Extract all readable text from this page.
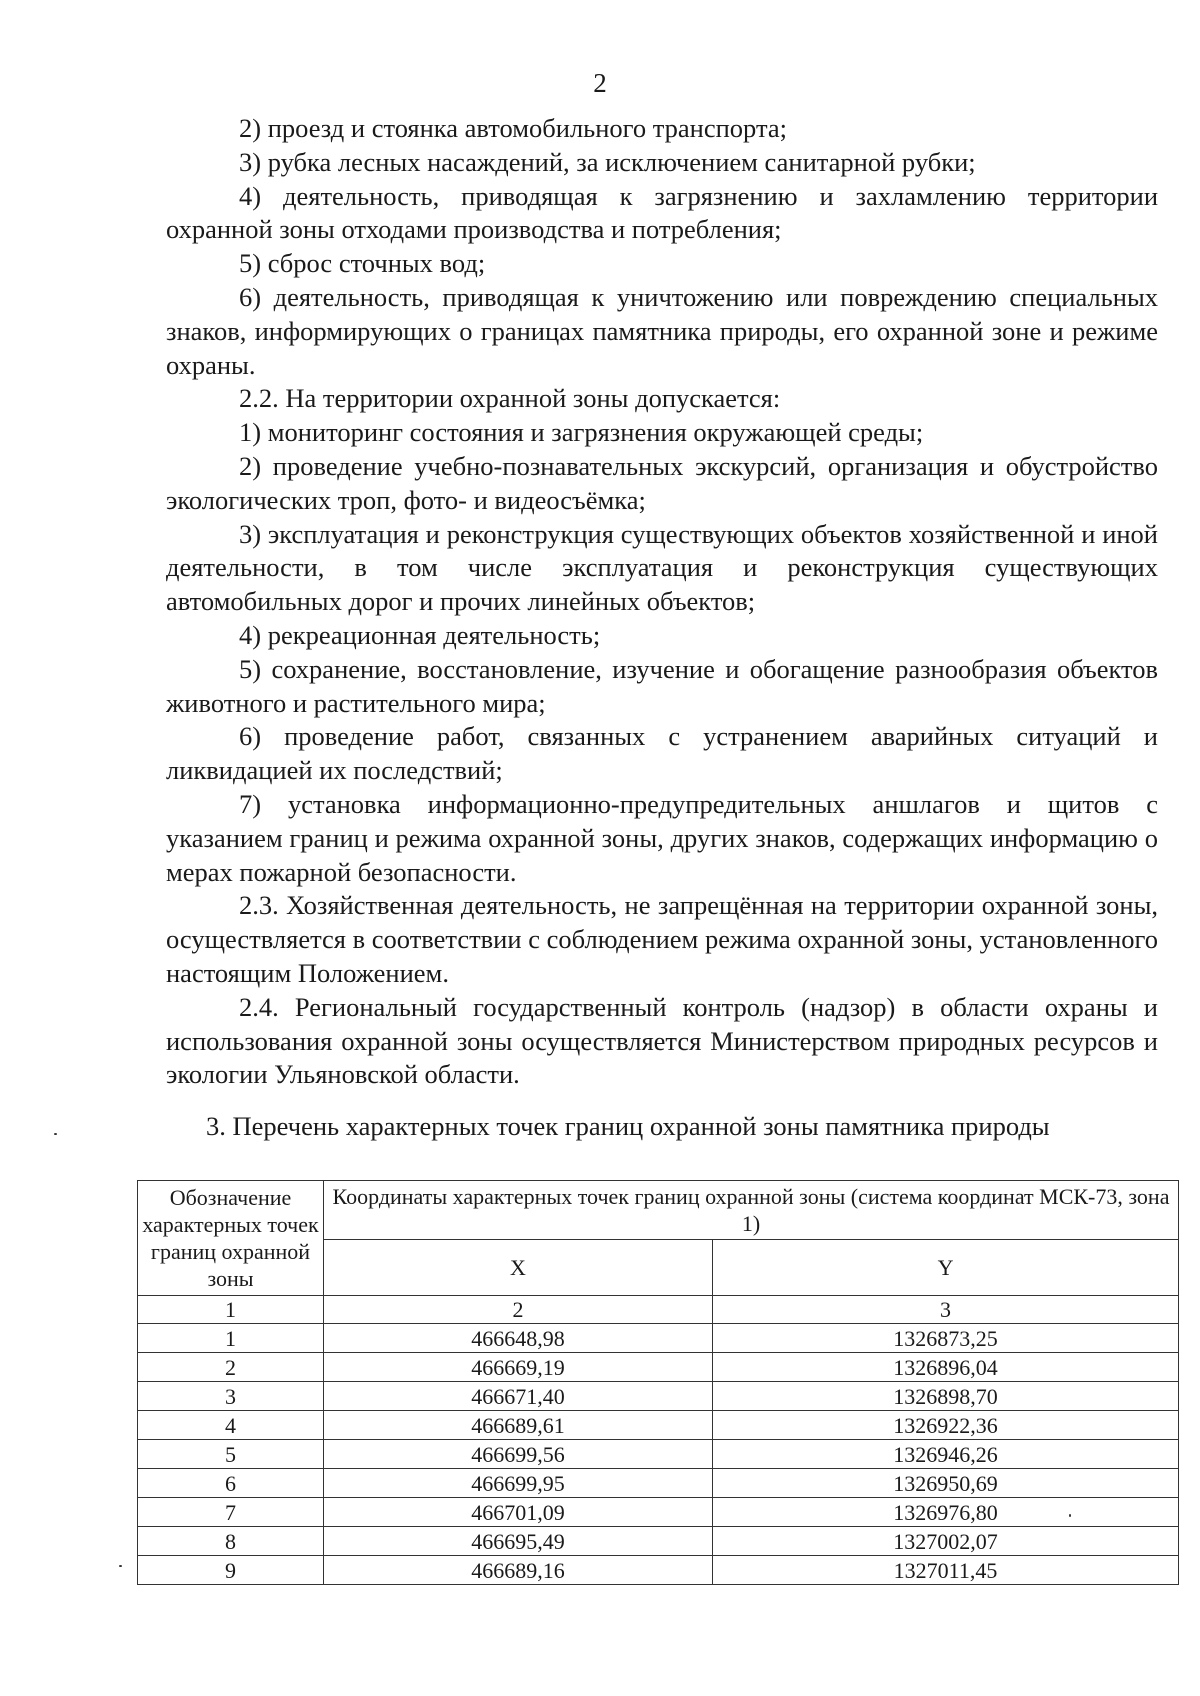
2

2) проезд и стоянка автомобильного транспорта;

3) рубка лесных насаждений, за исключением санитарной рубки;

4) деятельность, приводящая к загрязнению и захламлению территории охранной зоны отходами производства и потребления;

5) сброс сточных вод;

6) деятельность, приводящая к уничтожению или повреждению специальных знаков, информирующих о границах памятника природы, его охранной зоне и режиме охраны.

2.2. На территории охранной зоны допускается:

1) мониторинг состояния и загрязнения окружающей среды;

2) проведение учебно-познавательных экскурсий, организация и обустройство экологических троп, фото- и видеосъёмка;

3) эксплуатация и реконструкция существующих объектов хозяйственной и иной деятельности, в том числе эксплуатация и реконструкция существующих автомобильных дорог и прочих линейных объектов;

4) рекреационная деятельность;

5) сохранение, восстановление, изучение и обогащение разнообразия объектов животного и растительного мира;

6) проведение работ, связанных с устранением аварийных ситуаций и ликвидацией их последствий;

7) установка информационно-предупредительных аншлагов и щитов с указанием границ и режима охранной зоны, других знаков, содержащих информацию о мерах пожарной безопасности.

2.3. Хозяйственная деятельность, не запрещённая на территории охранной зоны, осуществляется в соответствии с соблюдением режима охранной зоны, установленного настоящим Положением.

2.4. Региональный государственный контроль (надзор) в области охраны и использования охранной зоны осуществляется Министерством природных ресурсов и экологии Ульяновской области.

3. Перечень характерных точек границ охранной зоны памятника природы
Обозначение характерных точек границ охранной зоны	Координаты характерных точек границ охранной зоны (система координат МСК-73, зона 1)	
	X	Y
1	2	3
1	466648,98	1326873,25
2	466669,19	1326896,04
3	466671,40	1326898,70
4	466689,61	1326922,36
5	466699,56	1326946,26
6	466699,95	1326950,69
7	466701,09	1326976,80
8	466695,49	1327002,07
9	466689,16	1327011,45
